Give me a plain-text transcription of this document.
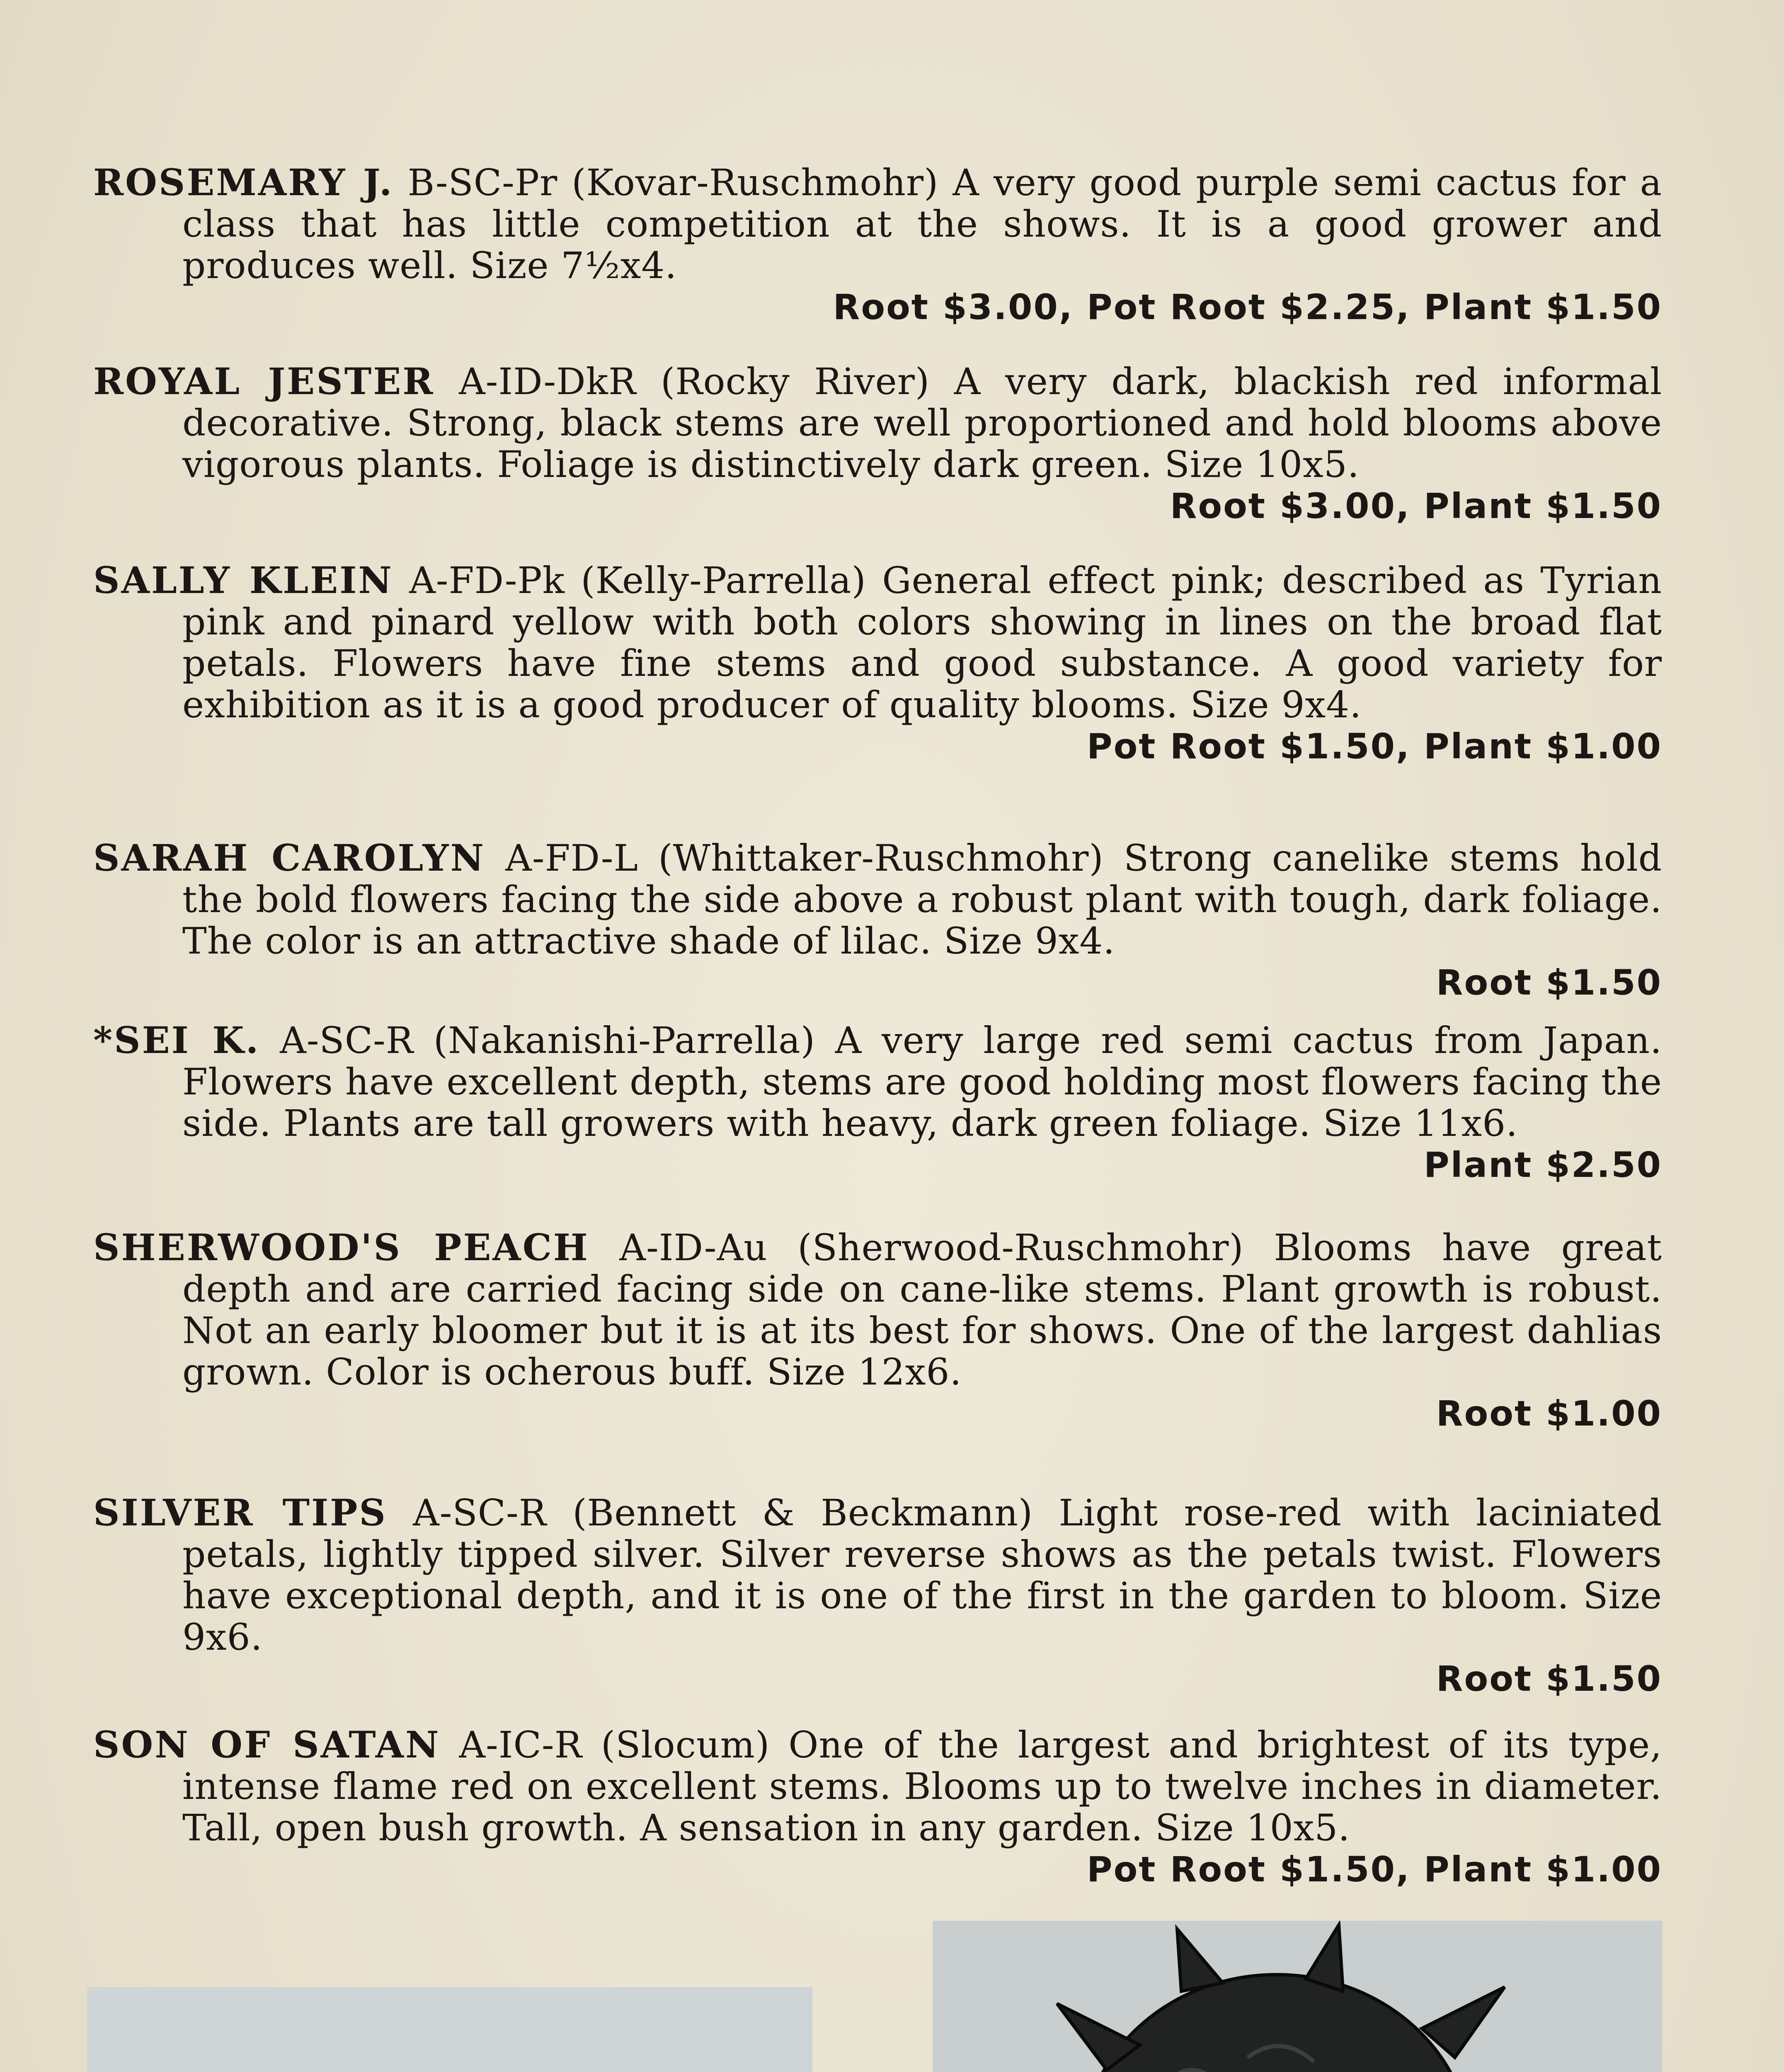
ROSEMARY J. B-SC-Pr (Kovar-Ruschmohr) A very good purple semi cactus for a class that has little competition at the shows. It is a good grower and produces well. Size 7½x4.

Root $3.00, Pot Root $2.25, Plant $1.50

ROYAL JESTER A-ID-DkR (Rocky River) A very dark, blackish red informal decorative. Strong, black stems are well proportioned and hold blooms above vigorous plants. Foliage is distinctively dark green. Size 10x5.

Root $3.00, Plant $1.50

SALLY KLEIN A-FD-Pk (Kelly-Parrella) General effect pink; described as Tyrian pink and pinard yellow with both colors showing in lines on the broad flat petals. Flowers have fine stems and good substance. A good variety for exhibition as it is a good producer of quality blooms. Size 9x4.

Pot Root $1.50, Plant $1.00

SARAH CAROLYN A-FD-L (Whittaker-Ruschmohr) Strong canelike stems hold the bold flowers facing the side above a robust plant with tough, dark foliage. The color is an attractive shade of lilac. Size 9x4.

Root $1.50

*SEI K. A-SC-R (Nakanishi-Parrella) A very large red semi cactus from Japan. Flowers have excellent depth, stems are good holding most flowers facing the side. Plants are tall growers with heavy, dark green foliage. Size 11x6.

Plant $2.50

SHERWOOD'S PEACH A-ID-Au (Sherwood-Ruschmohr) Blooms have great depth and are carried facing side on cane-like stems. Plant growth is robust. Not an early bloomer but it is at its best for shows. One of the largest dahlias grown. Color is ocherous buff. Size 12x6.

Root $1.00

SILVER TIPS A-SC-R (Bennett & Beckmann) Light rose-red with laciniated petals, lightly tipped silver. Silver reverse shows as the petals twist. Flowers have exceptional depth, and it is one of the first in the garden to bloom. Size 9x6.

Root $1.50

SON OF SATAN A-IC-R (Slocum) One of the largest and brightest of its type, intense flame red on excellent stems. Blooms up to twelve inches in diameter. Tall, open bush growth. A sensation in any garden. Size 10x5.

Pot Root $1.50, Plant $1.00
